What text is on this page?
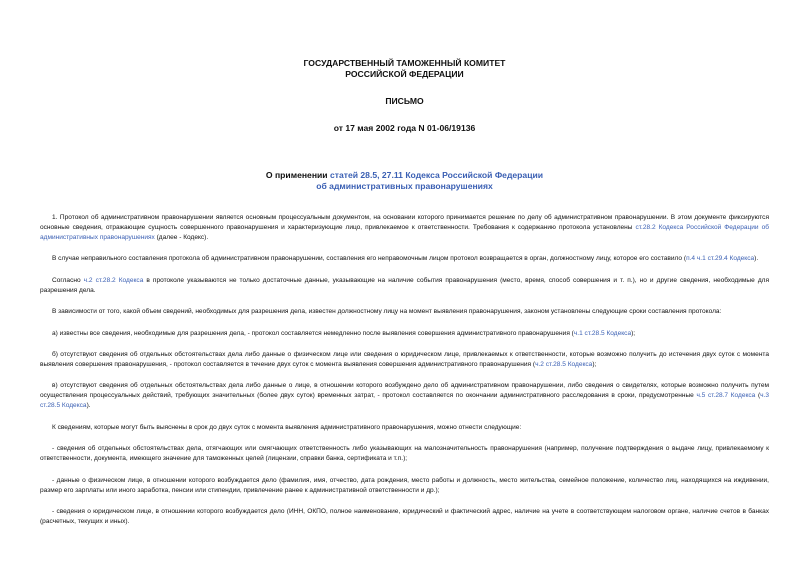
ГОСУДАРСТВЕННЫЙ ТАМОЖЕННЫЙ КОМИТЕТ
РОССИЙСКОЙ ФЕДЕРАЦИИ
ПИСЬМО
от 17 мая 2002 года N 01-06/19136
О применении статей 28.5, 27.11 Кодекса Российской Федерации
об административных правонарушениях

1. Протокол об административном правонарушении является основным процессуальным документом, на основании которого принимается решение по делу об административном правонарушении. В этом документе фиксируются основные сведения, отражающие сущность совершенного правонарушения и характеризующие лицо, привлекаемое к ответственности. Требования к содержанию протокола установлены ст.28.2 Кодекса Российской Федерации об административных правонарушениях (далее - Кодекс).

В случае неправильного составления протокола об административном правонарушении, составления его неправомочным лицом протокол возвращается в орган, должностному лицу, которое его составило (п.4 ч.1 ст.29.4 Кодекса).

Согласно ч.2 ст.28.2 Кодекса в протоколе указываются не только достаточные данные, указывающие на наличие события правонарушения (место, время, способ совершения и т. п.), но и другие сведения, необходимые для разрешения дела.

В зависимости от того, какой объем сведений, необходимых для разрешения дела, известен должностному лицу на момент выявления правонарушения, законом установлены следующие сроки составления протокола:

а) известны все сведения, необходимые для разрешения дела, - протокол составляется немедленно после выявления совершения административного правонарушения (ч.1 ст.28.5 Кодекса);

б) отсутствуют сведения об отдельных обстоятельствах дела либо данные о физическом лице или сведения о юридическом лице, привлекаемых к ответственности, которые возможно получить до истечения двух суток с момента выявления совершения правонарушения, - протокол составляется в течение двух суток с момента выявления совершения административного правонарушения (ч.2 ст.28.5 Кодекса);

в) отсутствуют сведения об отдельных обстоятельствах дела либо данные о лице, в отношении которого возбуждено дело об административном правонарушении, либо сведения о свидетелях, которые возможно получить путем осуществления процессуальных действий, требующих значительных (более двух суток) временных затрат, - протокол составляется по окончании административного расследования в сроки, предусмотренные ч.5 ст.28.7 Кодекса (ч.3 ст.28.5 Кодекса).

К сведениям, которые могут быть выяснены в срок до двух суток с момента выявления административного правонарушения, можно отнести следующие:

- сведения об отдельных обстоятельствах дела, отягчающих или смягчающих ответственность либо указывающих на малозначительность правонарушения (например, получение подтверждения о выдаче лицу, привлекаемому к ответственности, документа, имеющего значение для таможенных целей (лицензии, справки банка, сертификата и т.п.);

- данные о физическом лице, в отношении которого возбуждается дело (фамилия, имя, отчество, дата рождения, место работы и должность, место жительства, семейное положение, количество лиц, находящихся на иждивении, размер его зарплаты или иного заработка, пенсии или стипендии, привлечение ранее к административной ответственности и др.);

- сведения о юридическом лице, в отношении которого возбуждается дело (ИНН, ОКПО, полное наименование, юридический и фактический адрес, наличие на учете в соответствующем налоговом органе, наличие счетов в банках (расчетных, текущих и иных).
